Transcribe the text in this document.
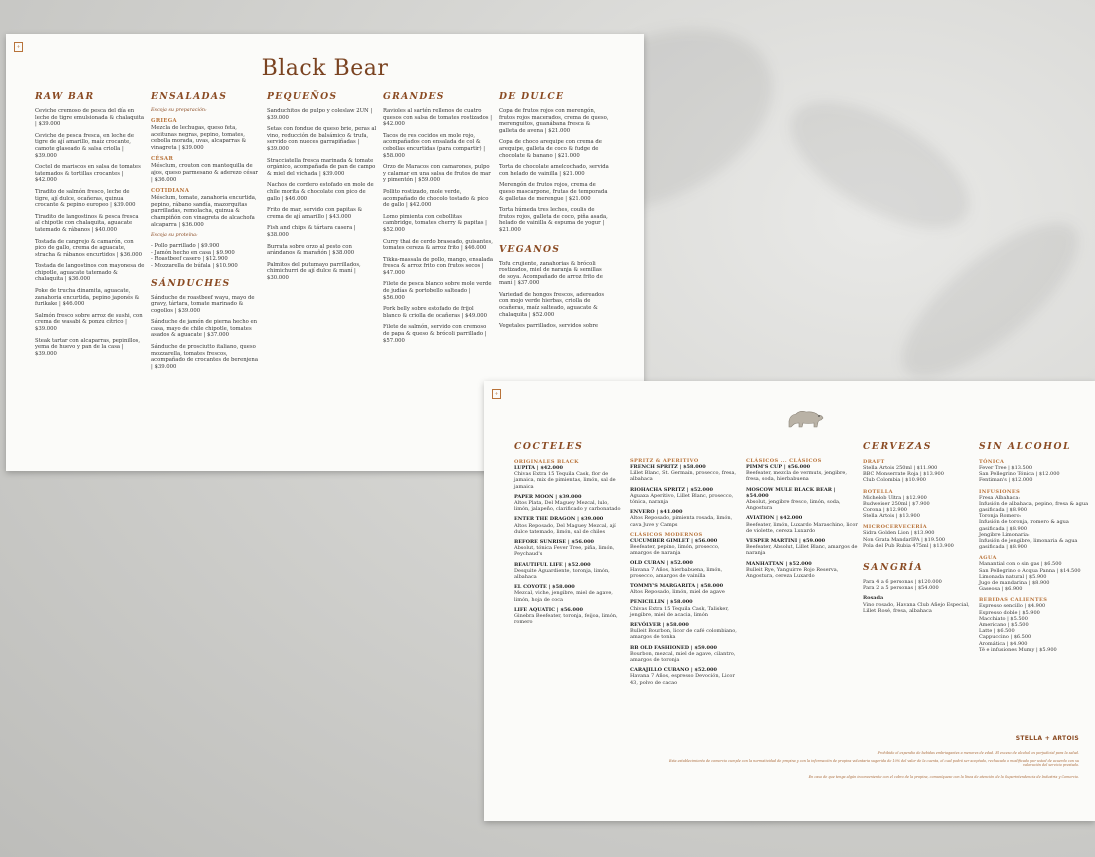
+
Black Bear
RAW BAR
Ceviche cremoso de pesca del día en leche de tigre emulsionada & chalaquita | $39.000
Ceviche de pesca fresca, en leche de tigre de ají amarillo, maíz crocante, camote glaseado & salsa criolla | $39.000
Coctel de mariscos en salsa de tomates tatemados & tortillas crocantes | $42.000
Tiradito de salmón fresco, leche de tigre, ají dulce, ocañeras, quinua crocante & pepino europeo | $39.000
Tiradito de langostinos & pesca fresca al chipotle con chalaquita, aguacate tatemado & rábanos | $40.000
Tostada de cangrejo & camarón, con pico de gallo, crema de aguacate, stracha & rábanos encurtidos | $36.000
Tostada de langostinos con mayonesa de chipotle, aguacate tatemado & chalaquita | $36.000
Poke de trucha dinamita, aguacate, zanahoria encurtida, pepino japonés & furikake | $46.000
Salmón fresco sobre arroz de sushi, con crema de wasabi & ponzu cítrico | $39.000
Steak tartar con alcaparras, pepinillos, yema de huevo y pan de la casa | $39.000
ENSALADAS
Escoja su preparación:
GRIEGA
Mezcla de lechugas, queso feta, aceitunas negras, pepino, tomates, cebolla morada, uvas, alcaparras & vinagreta | $39.000
CÉSAR
Mésclum, crouton con mantequilla de ajos, queso parmesano & aderezo césar | $36.000
COTIDIANA
Mésclum, tomate, zanahoria encurtida, pepino, rábano sandía, mazorquitas parrilladas, remolacha, quinua & champiñón con vinagreta de alcachofa alcaparra | $36.000
Escoja su proteína:
- Pollo parrillado | $9.900
- Jamón hecho en casa | $9.900
- Roastbeef casero | $12.900
- Mozzarella de búfala | $10.900
SÁNDUCHES
Sánduche de roastbeef wayu, mayo de gravy, tártara, tomate marinado & cogollos | $39.000
Sánduche de jamón de pierna hecho en casa, mayo de chile chipotle, tomates asados & aguacate | $37.000
Sánduche de prosciutto italiano, queso mozzarella, tomates frescos, acompañado de crocantes de berenjena | $39.000
PEQUEÑOS
Sanduchitos de pulpo y coleslaw 2UN | $39.000
Setas con fondue de queso brie, peras al vino, reducción de balsámico & trufa, servido con nueces garrapiñadas | $39.000
Stracciatella fresca marinada & tomate orgánico, acompañada de pan de campo & miel del vichada | $39.000
Nachos de cordero estofado en mole de chile morita & chocolate con pico de gallo | $46.000
Frito de mar, servido con papitas & crema de ají amarillo | $43.000
Fish and chips & tártara casera | $38.000
Burrata sobre orzo al pesto con arándanos & marañón | $38.000
Palmitos del putumayo parrillados, chimichurri de ají dulce & maní | $30.000
GRANDES
Ravioles al sartén rellenos de cuatro quesos con salsa de tomates rostizados | $42.000
Tacos de res cocidos en mole rojo, acompañados con ensalada de col & cebollas encurtidas (para compartir) | $58.000
Orzo de Maracos con camarones, pulpo y calamar en una salsa de frutos de mar y pimentón | $59.000
Pollito rostizado, mole verde, acompañado de chocolo tostado & pico de gallo | $42.000
Lomo pimienta con cebollitas cambridge, tomates cherry & papitas | $52.000
Curry thai de cerdo braseado, guisantes, tomates cereza & arroz frito | $46.000
Tikka-massala de pollo, mango, ensalada fresca & arroz frito con frutos secos | $47.000
Filete de pesca blanco sobre mole verde de judías & portobello salteado | $56.000
Pork belly sobre estofado de frijol blanco & criolla de ocañeras | $49.000
Filete de salmón, servido con cremoso de papa & queso & brócoli parrillado | $57.000
DE DULCE
Copa de frutos rojos con merengón, frutos rojos macerados, crema de queso, merenguitos, guanábana fresca & galleta de avena | $21.000
Copa de choco arequipe con crema de arequipe, galleta de coco & fudge de chocolate & banano | $21.000
Torta de chocolate amelcochado, servida con helado de vainilla | $21.000
Merengón de frutos rojos, crema de queso mascarpone, frutas de temporada & galletas de merengue | $21.000
Torta húmeda tres leches, coulis de frutos rojos, galleta de coco, piña asada, helado de vainilla & espuma de yogur | $21.000
VEGANOS
Tofu crujiente, zanahorias & brócoli rostizados, miel de naranja & semillas de soya. Acompañado de arroz frito de maní | $37.000
Variedad de hongos frescos, adereados con mojo verde hierbas, criolla de ocañeras, maíz salteado, aguacate & chalaquita | $52.000
Vegetales parrillados, servidos sobre
+
COCTELES
ORIGINALES BLACK
LUPITA | $42.000
Chivas Extra 15 Tequila Cask, flor de jamaica, mix de pimientas, limón, sal de jamaica
PAPER MOON | $39.000
Altos Plata, Del Maguey Mezcal, lulo, limón, jalapeño, clarificado y carbonatado
ENTER THE DRAGON | $39.000
Altos Reposado, Del Maguey Mezcal, ají dulce tatemado, limón, sal de chiles
BEFORE SUNRISE | $56.000
Absolut, tónica Fever Tree, piña, limón, Peychaud's
BEAUTIFUL LIFE | $52.000
Desquite Aguardiente, toronja, limón, albahaca
EL COYOTE | $58.000
Mezcal, viche, jengibre, miel de agave, limón, hoja de coca
LIFE AQUATIC | $56.000
Ginebra Beefeater, toronja, feijoa, limón, romero
SPRITZ & APERITIVO
FRENCH SPRITZ | $58.000
Lillet Blanc, St. Germain, prosecco, fresa, albahaca
RIOHACHA SPRITZ | $52.000
Aguaxa Aperitivo, Lillet Blanc, prosecco, tónica, naranja
ENVERO | $41.000
Altos Reposado, pimienta rosada, limón, cava Juve y Camps
CLÁSICOS MODERNOS
CUCUMBER GIMLET | $56.000
Beefeater, pepino, limón, prosecco, amargos de naranja
OLD CUBAN | $52.000
Havana 7 Años, hierbabuena, limón, prosecco, amargos de vainilla
TOMMY'S MARGARITA | $58.000
Altos Reposado, limón, miel de agave
PENICILLIN | $58.000
Chivas Extra 15 Tequila Cask, Talisker, jengibre, miel de acacia, limón
REVÓLVER | $58.000
Bulleit Bourbon, licor de café colombiano, amargos de tonka
BB OLD FASHIONED | $59.000
Bourbon, mezcal, miel de agave, cilantro, amargos de toronja
CARAJILLO CUBANO | $52.000
Havana 7 Años, espresso Devoción, Licor 43, polvo de cacao
CLÁSICOS ... CLÁSICOS
PIMM'S CUP | $56.000
Beefeater, mezcla de vermuts, jengibre, fresa, soda, hierbabuena
MOSCOW MULE BLACK BEAR | $54.000
Absolut, jengibre fresco, limón, soda, Angostura
AVIATION | $42.000
Beefeater, limón, Luxardo Maraschino, licor de violette, cereza Luxardo
VESPER MARTINI | $59.000
Beefeater, Absolut, Lillet Blanc, amargos de naranja
MANHATTAN | $52.000
Bulleit Rye, Yanguirre Rojo Reserva, Angostura, cereza Luxardo
CERVEZAS
DRAFT
Stella Artois 250ml | $11.900
BBC Monserrate Roja | $13.900
Club Colombia | $10.900
BOTELLA
Michelob Ultra | $12.900
Budweiser 250ml | $7.900
Corona | $12.900
Stella Artois | $13.900
MICROCERVECERÍA
Sidra Golden Lion | $13.900
Non Grata MandarIPA | $19.500
Pola del Pub Rubia 475ml | $13.900
SANGRÍA
Para 4 a 6 personas | $120.000
Para 2 a 5 personas | $54.000
Rosada
Vino rosado, Havana Club Añejo Especial, Lillet Rosé, fresa, albahaca
SIN ALCOHOL
TÓNICA
Fever Tree | $13.500
San Pellegrino Tónica | $12.000
Fentiman's | $12.000
INFUSIONES
Fresa Albahaca:
Infusión de albahaca, pepino, fresa & agua gasificada | $8.900
Toronja Romero:
Infusión de toronja, romero & agua gasificada | $8.900
Jengibre Limonaria:
Infusión de jengibre, limonaria & agua gasificada | $8.900
AGUA
Manantial con o sin gas | $6.500
San Pellegrino o Acqua Panna | $14.500
Limonada natural | $5.900
Jugo de mandarina | $8.900
Gaseosa | $6.900
BEBIDAS CALIENTES
Espresso sencillo | $4.900
Espresso doble | $5.900
Macchiato | $5.500
Americano | $5.500
Latte | $6.500
Cappuccino | $6.500
Aromática | $4.900
Té e infusiones Mumy | $5.900
STELLA + ARTOIS
Prohibido el expendio de bebidas embriagantes a menores de edad. El exceso de alcohol es perjudicial para la salud.
Esta establecimiento de comercio cumple con la normatividad de propina y con la información de propina voluntaria sugerida de 10% del valor de la cuenta, el cual podrá ser aceptado, rechazado o modificado por usted de acuerdo con su valoración del servicio prestado.
En caso de que tenga algún inconveniente con el cobro de la propina, comuníquese con la línea de atención de la Superintendencia de Industria y Comercio.
